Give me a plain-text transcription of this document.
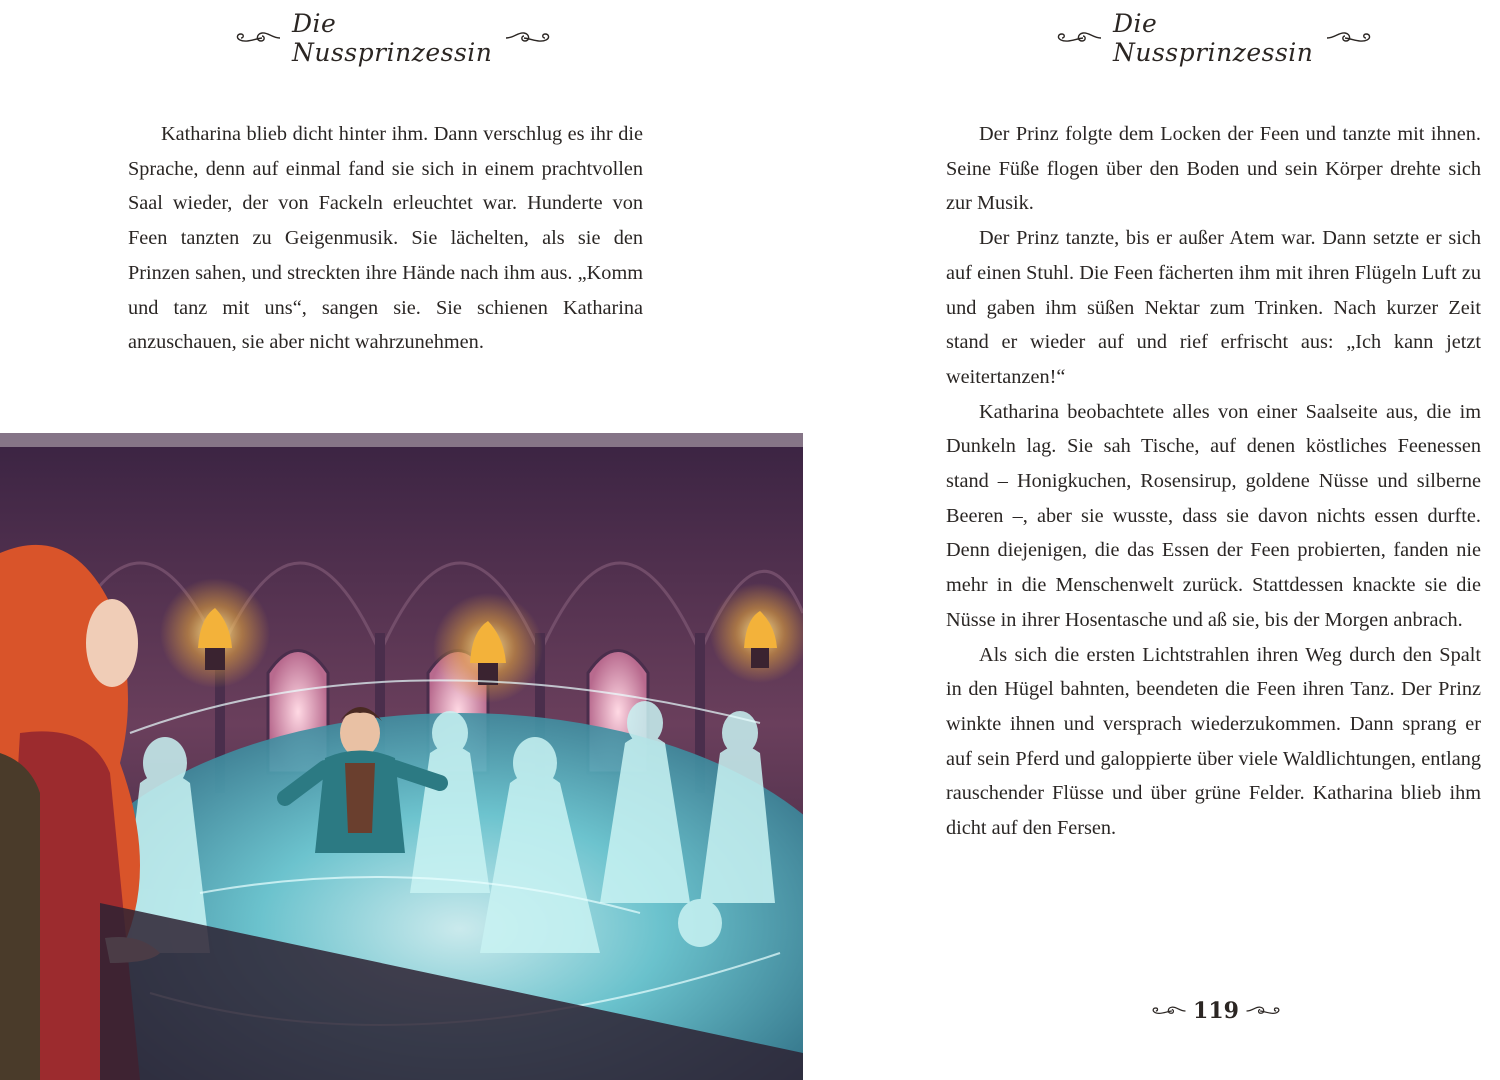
Die Nussprinzessin

Katharina blieb dicht hinter ihm. Dann verschlug es ihr die Sprache, denn auf einmal fand sie sich in einem prachtvollen Saal wieder, der von Fackeln erleuchtet war. Hunderte von Feen tanzten zu Geigenmusik. Sie lächelten, als sie den Prinzen sahen, und streckten ihre Hände nach ihm aus. „Komm und tanz mit uns“, sangen sie. Sie schienen Katharina anzuschauen, sie aber nicht wahrzunehmen.

Die Nussprinzessin

Der Prinz folgte dem Locken der Feen und tanzte mit ihnen. Seine Füße flogen über den Boden und sein Körper drehte sich zur Musik.

Der Prinz tanzte, bis er außer Atem war. Dann setzte er sich auf einen Stuhl. Die Feen fächerten ihm mit ihren Flügeln Luft zu und gaben ihm süßen Nektar zum Trinken. Nach kurzer Zeit stand er wieder auf und rief erfrischt aus: „Ich kann jetzt weitertanzen!“

Katharina beobachtete alles von einer Saalseite aus, die im Dunkeln lag. Sie sah Tische, auf denen köstliches Feenessen stand – Honigkuchen, Rosensirup, goldene Nüsse und silberne Beeren –, aber sie wusste, dass sie davon nichts essen durfte. Denn diejenigen, die das Essen der Feen probierten, fanden nie mehr in die Menschenwelt zurück. Stattdessen knackte sie die Nüsse in ihrer Hosentasche und aß sie, bis der Morgen anbrach.

Als sich die ersten Lichtstrahlen ihren Weg durch den Spalt in den Hügel bahnten, beendeten die Feen ihren Tanz. Der Prinz winkte ihnen und versprach wiederzukommen. Dann sprang er auf sein Pferd und galoppierte über viele Waldlichtungen, entlang rauschender Flüsse und über grüne Felder. Katharina blieb ihm dicht auf den Fersen.

119
